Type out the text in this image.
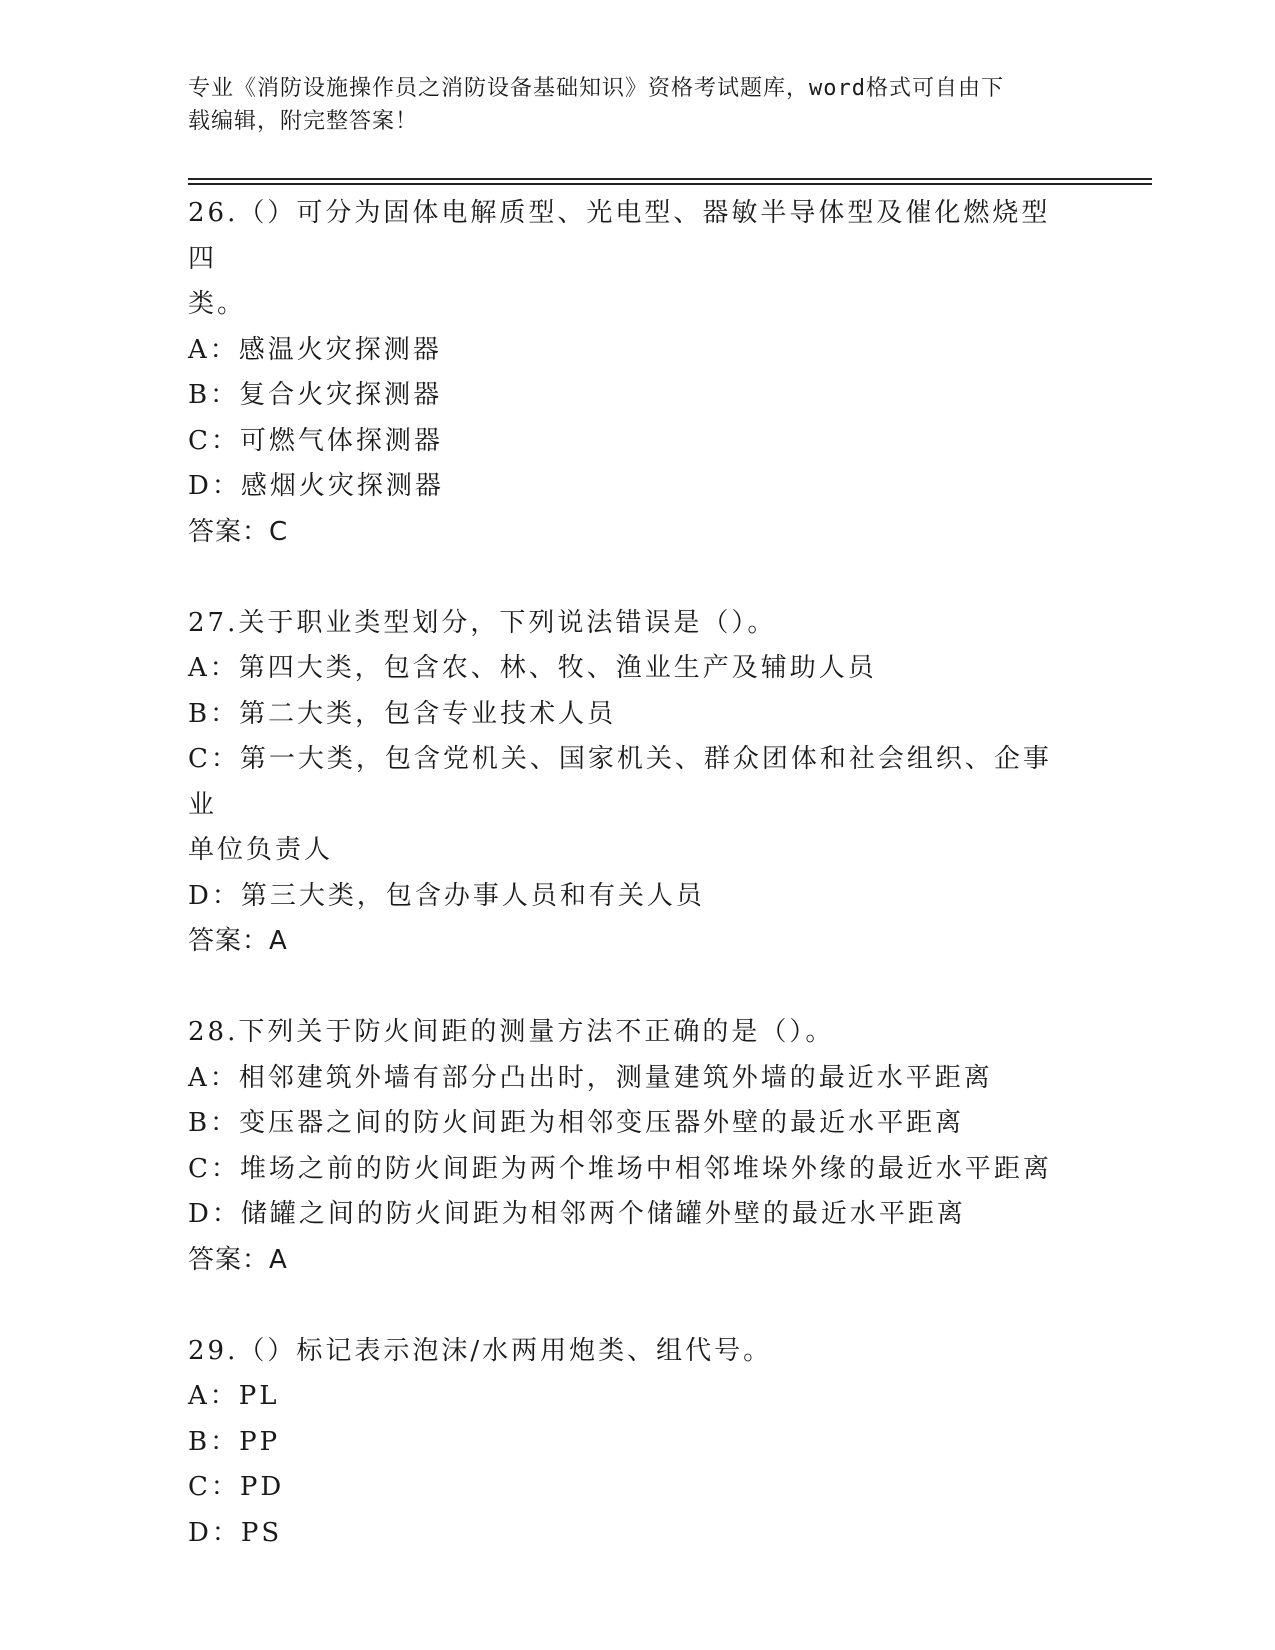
专业《消防设施操作员之消防设备基础知识》资格考试题库，word格式可自由下
载编辑，附完整答案！

26.（）可分为固体电解质型、光电型、器敏半导体型及催化燃烧型四

类。

A：感温火灾探测器

B：复合火灾探测器

C：可燃气体探测器

D：感烟火灾探测器

答案：C

27.关于职业类型划分，下列说法错误是（）。

A：第四大类，包含农、林、牧、渔业生产及辅助人员

B：第二大类，包含专业技术人员

C：第一大类，包含党机关、国家机关、群众团体和社会组织、企事业

单位负责人

D：第三大类，包含办事人员和有关人员

答案：A

28.下列关于防火间距的测量方法不正确的是（）。

A：相邻建筑外墙有部分凸出时，测量建筑外墙的最近水平距离

B：变压器之间的防火间距为相邻变压器外壁的最近水平距离

C：堆场之前的防火间距为两个堆场中相邻堆垛外缘的最近水平距离

D：储罐之间的防火间距为相邻两个储罐外壁的最近水平距离

答案：A

29.（）标记表示泡沫/水两用炮类、组代号。

A：PL

B：PP

C：PD

D：PS
